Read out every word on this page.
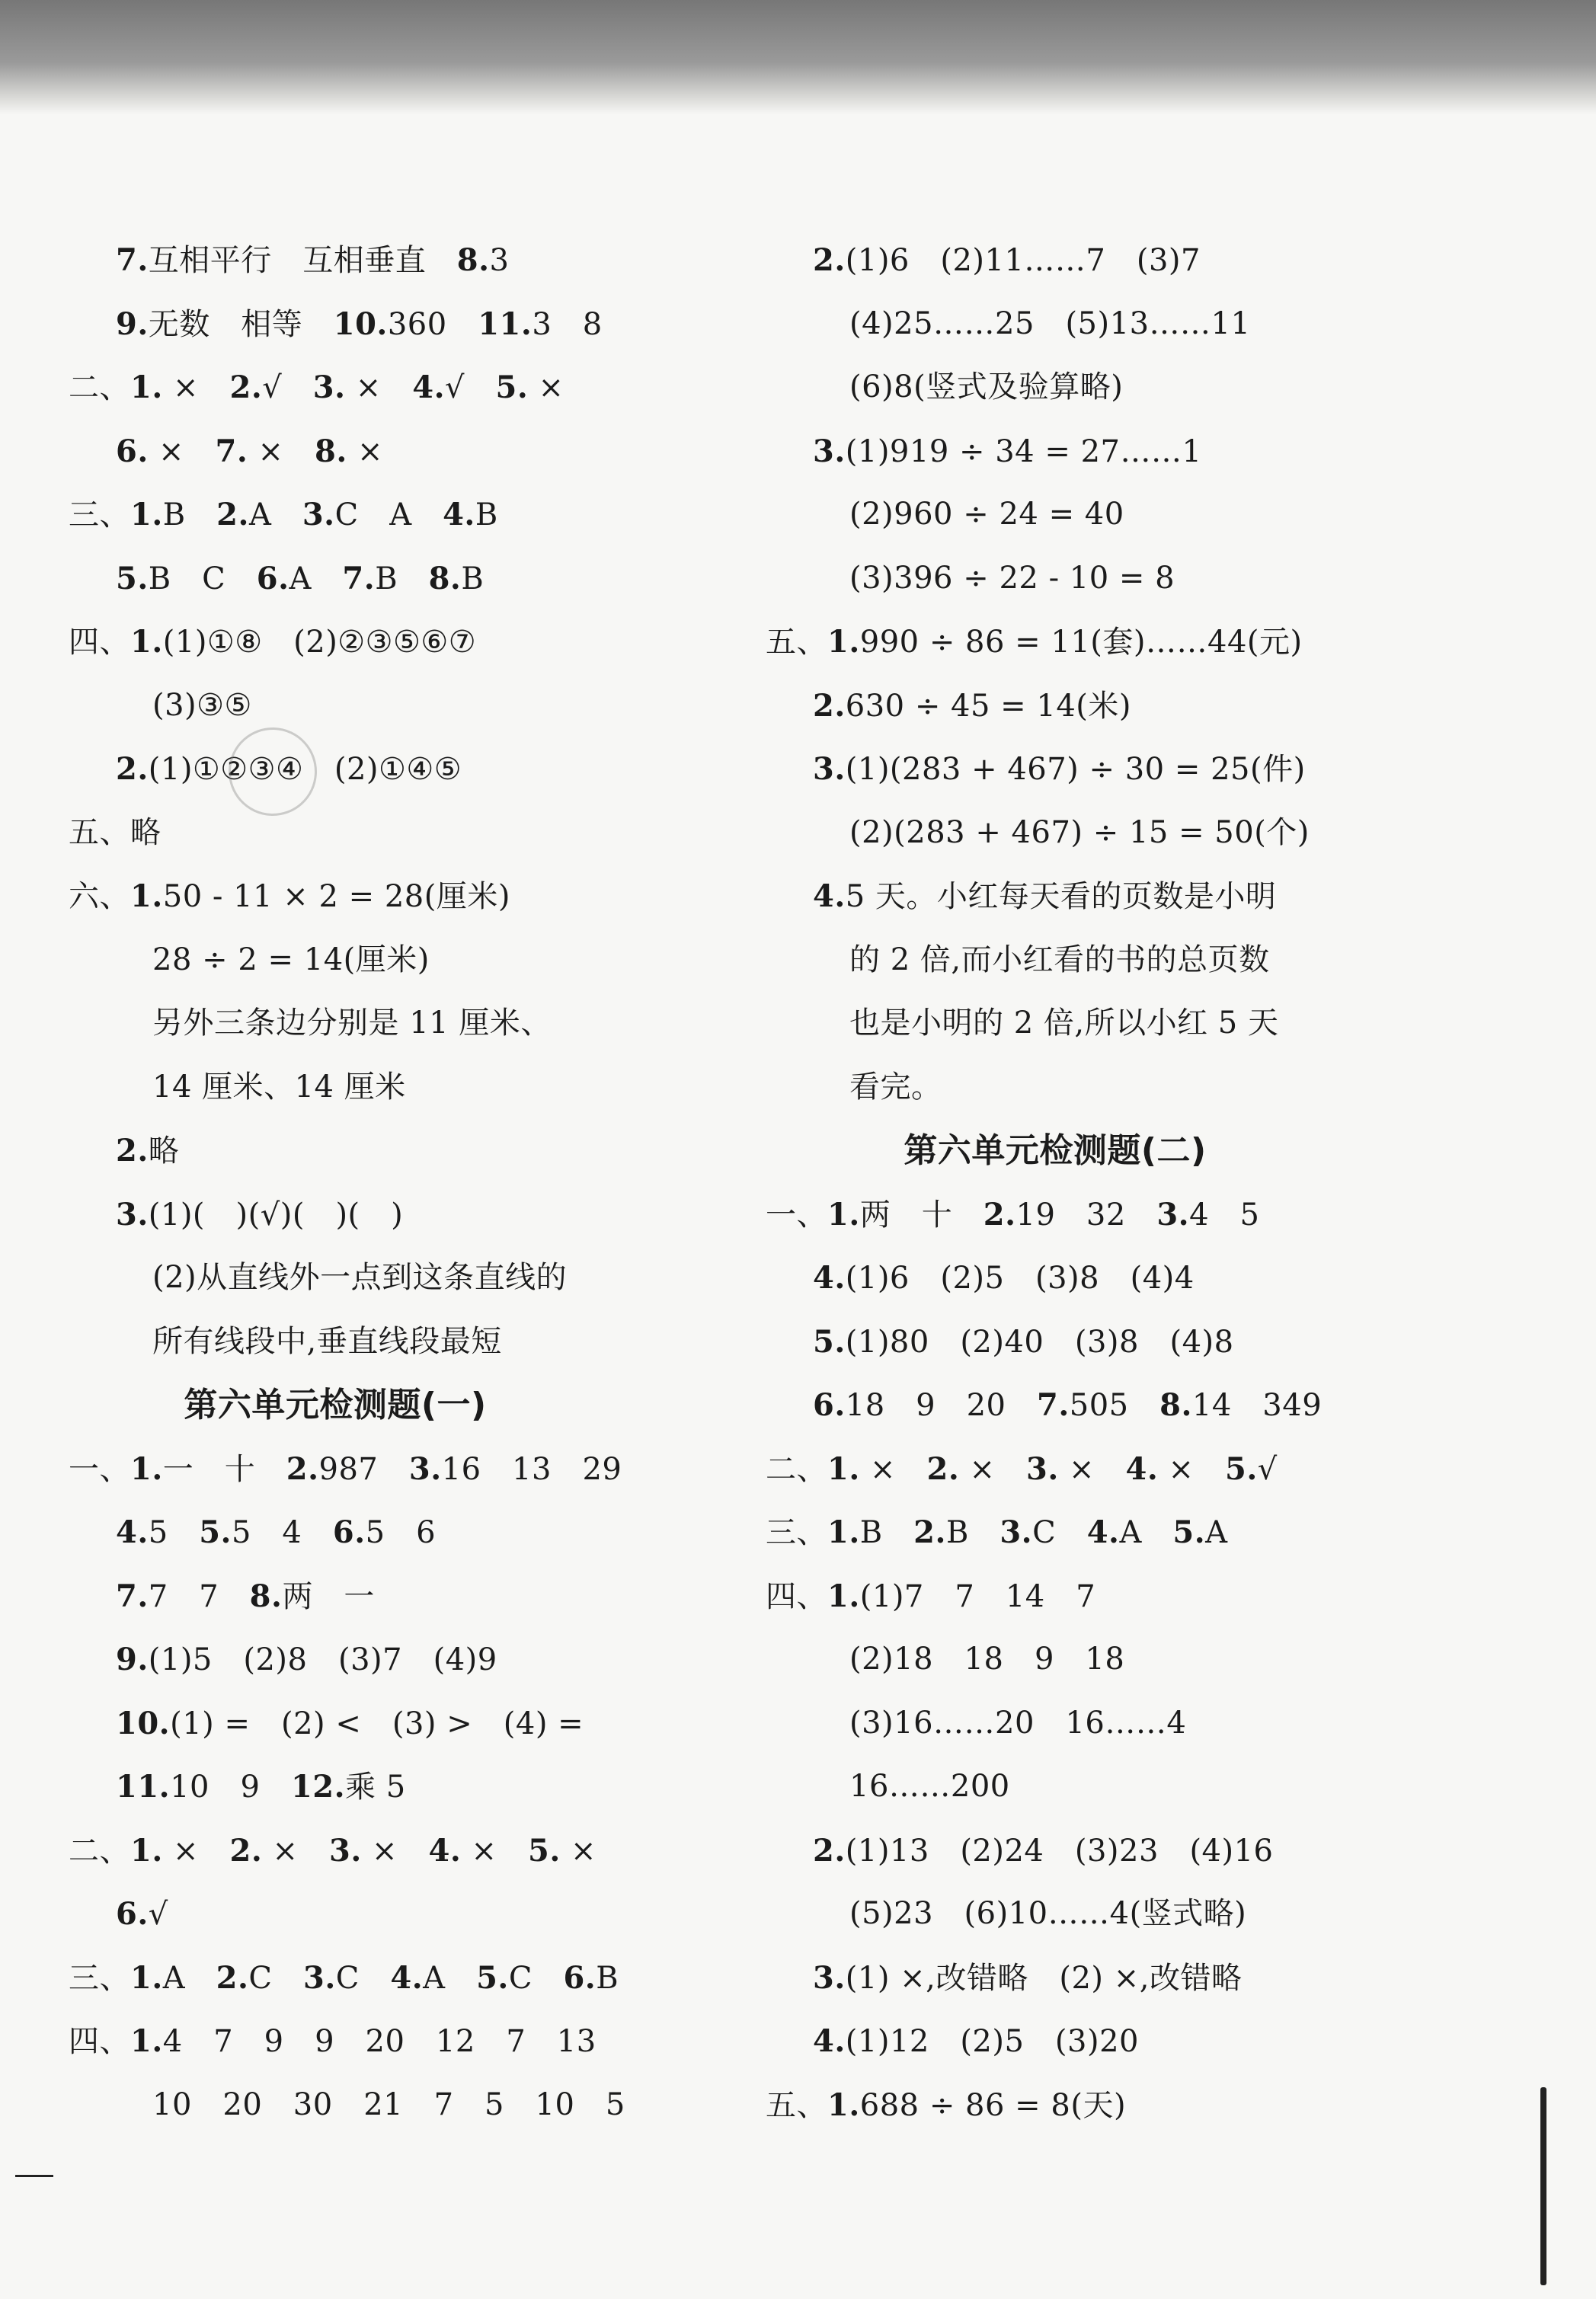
7.互相平行　互相垂直　8.3
9.无数　相等　10.360　11.3　8
二、1. ×　2.√　3. ×　4.√　5. ×
6. ×　7. ×　8. ×
三、1.B　2.A　3.C　A　4.B
5.B　C　6.A　7.B　8.B
四、1.(1)①⑧　(2)②③⑤⑥⑦
(3)③⑤
2.(1)①②③④　(2)①④⑤
五、略
六、1.50 - 11 × 2 = 28(厘米)
28 ÷ 2 = 14(厘米)
另外三条边分别是 11 厘米、
14 厘米、14 厘米
2.略
3.(1)(　)(√)(　)(　)
(2)从直线外一点到这条直线的
所有线段中,垂直线段最短
第六单元检测题(一)
一、1.一　十　2.987　3.16　13　29
4.5　5.5　4　6.5　6
7.7　7　8.两　一
9.(1)5　(2)8　(3)7　(4)9
10.(1) =　(2) <　(3) >　(4) =
11.10　9　12.乘 5
二、1. ×　2. ×　3. ×　4. ×　5. ×
6.√
三、1.A　2.C　3.C　4.A　5.C　6.B
四、1.4　7　9　9　20　12　7　13
10　20　30　21　7　5　10　5
2.(1)6　(2)11……7　(3)7
(4)25……25　(5)13……11
(6)8(竖式及验算略)
3.(1)919 ÷ 34 = 27……1
(2)960 ÷ 24 = 40
(3)396 ÷ 22 - 10 = 8
五、1.990 ÷ 86 = 11(套)……44(元)
2.630 ÷ 45 = 14(米)
3.(1)(283 + 467) ÷ 30 = 25(件)
(2)(283 + 467) ÷ 15 = 50(个)
4.5 天。小红每天看的页数是小明
的 2 倍,而小红看的书的总页数
也是小明的 2 倍,所以小红 5 天
看完。
第六单元检测题(二)
一、1.两　十　2.19　32　3.4　5
4.(1)6　(2)5　(3)8　(4)4
5.(1)80　(2)40　(3)8　(4)8
6.18　9　20　7.505　8.14　349
二、1. ×　2. ×　3. ×　4. ×　5.√
三、1.B　2.B　3.C　4.A　5.A
四、1.(1)7　7　14　7
(2)18　18　9　18
(3)16……20　16……4
16……200
2.(1)13　(2)24　(3)23　(4)16
(5)23　(6)10……4(竖式略)
3.(1) ×,改错略　(2) ×,改错略
4.(1)12　(2)5　(3)20
五、1.688 ÷ 86 = 8(天)
